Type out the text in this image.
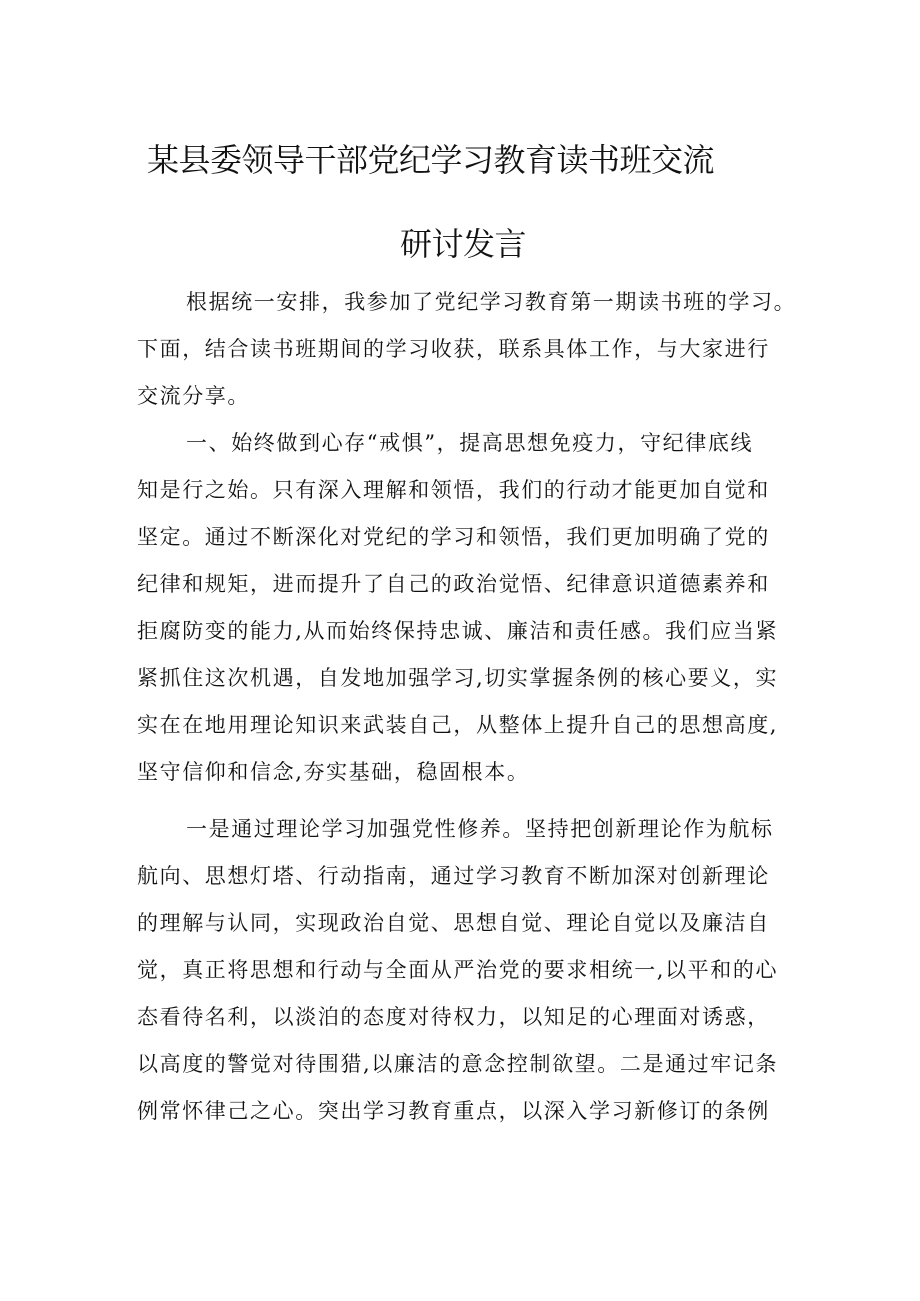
某县委领导干部党纪学习教育读书班交流
研讨发言

根据统一安排，我参加了党纪学习教育第一期读书班的学习。

下面，结合读书班期间的学习收获，联系具体工作，与大家进行

交流分享。

一、始终做到心存“戒惧”，提高思想免疫力，守纪律底线

知是行之始。只有深入理解和领悟，我们的行动才能更加自觉和

坚定。通过不断深化对党纪的学习和领悟，我们更加明确了党的

纪律和规矩，进而提升了自己的政治觉悟、纪律意识道德素养和

拒腐防变的能力,从而始终保持忠诚、廉洁和责任感。我们应当紧

紧抓住这次机遇，自发地加强学习,切实掌握条例的核心要义，实

实在在地用理论知识来武装自己，从整体上提升自己的思想高度,

坚守信仰和信念,夯实基础，稳固根本。

一是通过理论学习加强党性修养。坚持把创新理论作为航标

航向、思想灯塔、行动指南，通过学习教育不断加深对创新理论

的理解与认同，实现政治自觉、思想自觉、理论自觉以及廉洁自

觉，真正将思想和行动与全面从严治党的要求相统一,以平和的心

态看待名利，以淡泊的态度对待权力，以知足的心理面对诱惑，

以高度的警觉对待围猎,以廉洁的意念控制欲望。二是通过牢记条

例常怀律己之心。突出学习教育重点，以深入学习新修订的条例
